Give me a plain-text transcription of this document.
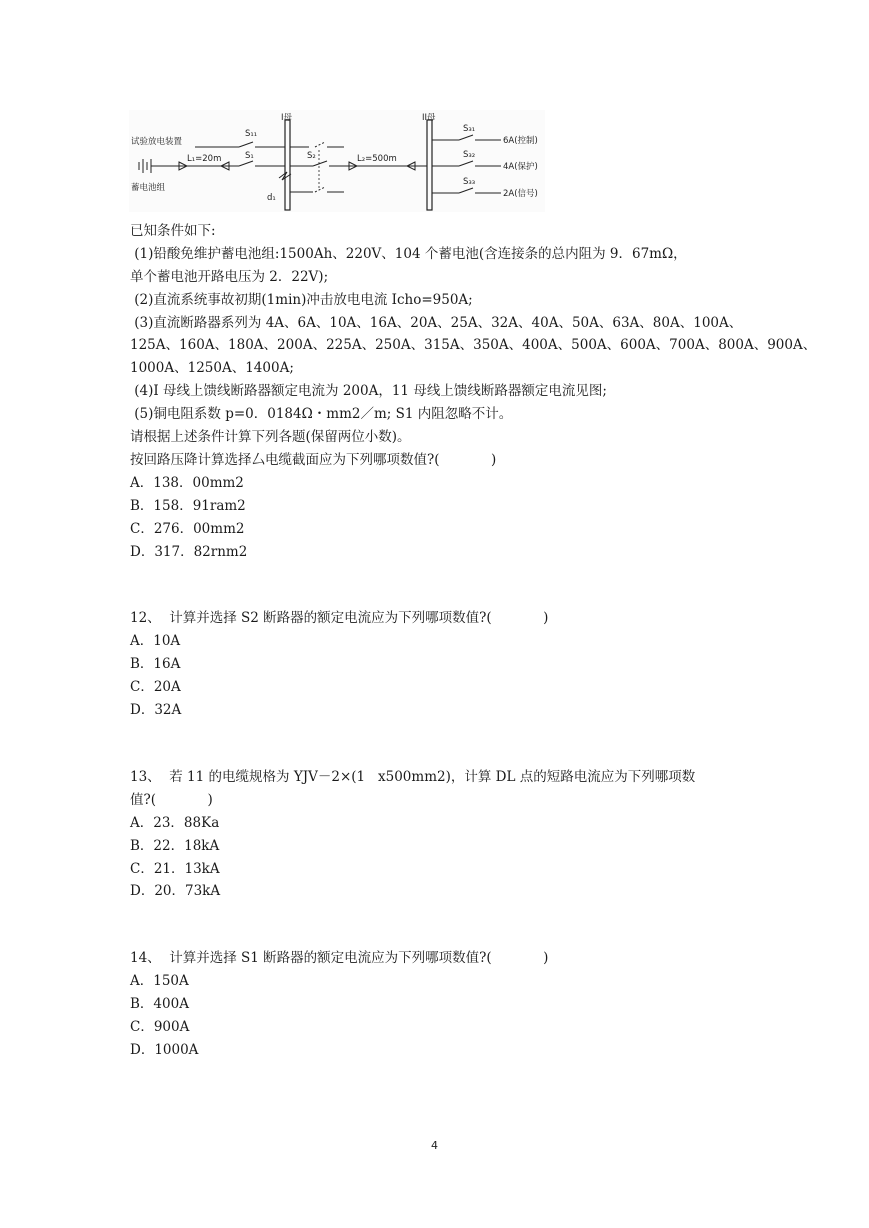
I母	II母
试验放电装置
S₁₁
L₁=20m
蓄电池组
S₁	S₂	L₂=500m
d₁
S₃₁
6A(控制)
S₃₂
4A(保护)
S₃₃
2A(信号)
已知条件如下:
(1)铅酸免维护蓄电池组:1500Ah、220V、104 个蓄电池(含连接条的总内阻为 9．67mΩ，
单个蓄电池开路电压为 2．22V);
(2)直流系统事故初期(1min)冲击放电电流 Icho=950A;
(3)直流断路器系列为 4A、6A、10A、16A、20A、25A、32A、40A、50A、63A、80A、100A、
125A、160A、180A、200A、225A、250A、315A、350A、400A、500A、600A、700A、800A、900A、
1000A、1250A、1400A;
(4)I 母线上馈线断路器额定电流为 200A，11 母线上馈线断路器额定电流见图;
(5)铜电阻系数 p=0．0184Ω・mm2／m; S1 内阻忽略不计。
请根据上述条件计算下列各题(保留两位小数)。
按回路压降计算选择厶电缆截面应为下列哪项数值?(            )
A．138．00mm2
B．158．91ram2
C．276．00mm2
D．317．82rnm2
12、  计算并选择 S2 断路器的额定电流应为下列哪项数值?(            )
A．10A
B．16A
C．20A
D．32A
13、  若 11 的电缆规格为 YJV－2×(1   x500mm2)，计算 DL 点的短路电流应为下列哪项数
值?(            )
A．23．88Ka
B．22．18kA
C．21．13kA
D．20．73kA
14、  计算并选择 S1 断路器的额定电流应为下列哪项数值?(            )
A．150A
B．400A
C．900A
D．1000A
4
